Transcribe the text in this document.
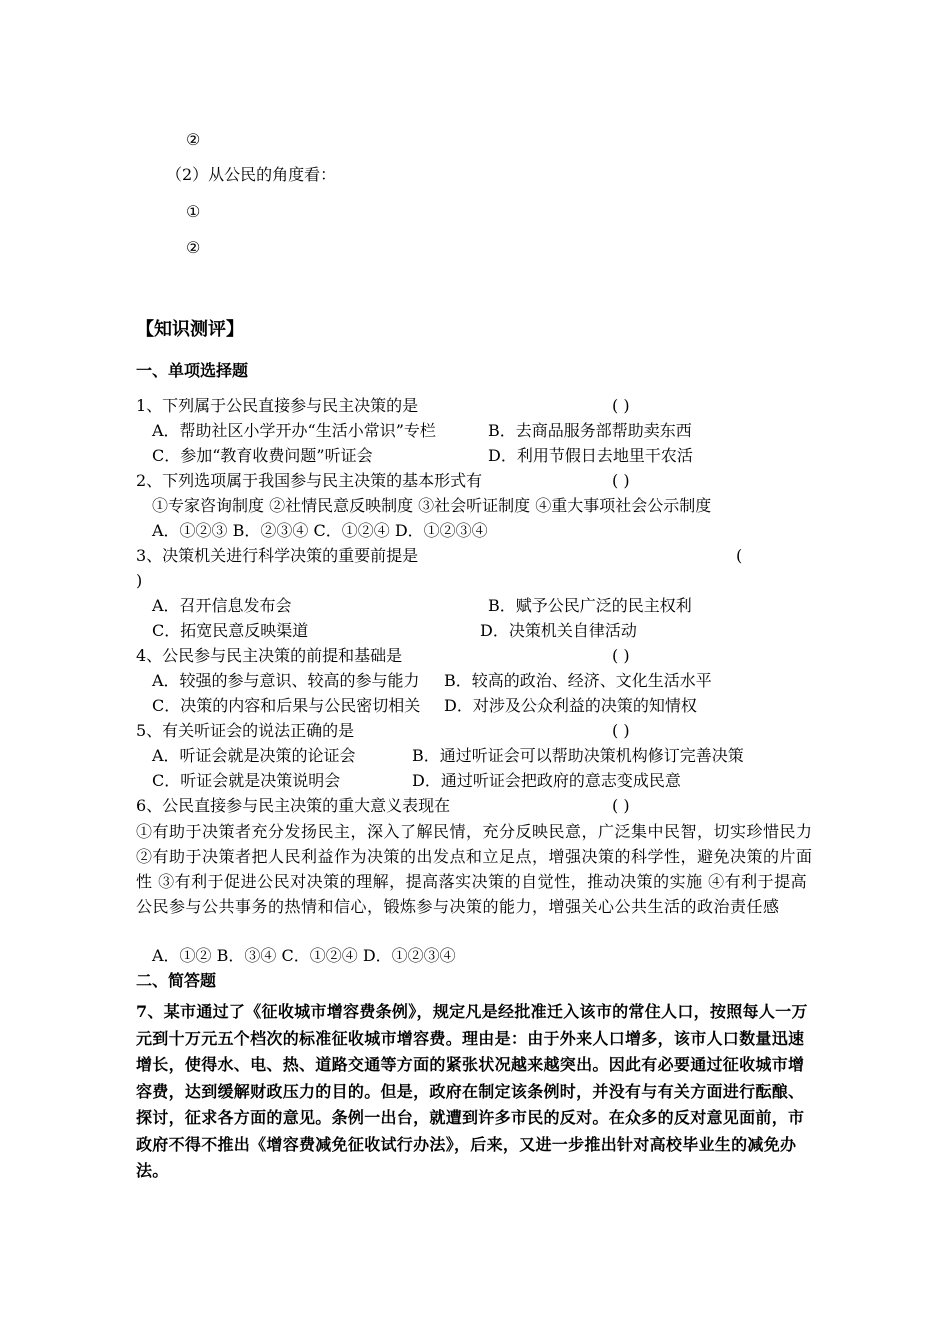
②
（2）从公民的角度看：
①
②
【知识测评】
一、单项选择题
1、下列属于公民直接参与民主决策的是	( )
A．帮助社区小学开办“生活小常识”专栏	B．去商品服务部帮助卖东西
C．参加“教育收费问题”听证会	D．利用节假日去地里干农活
2、下列选项属于我国参与民主决策的基本形式有	( )
①专家咨询制度 ②社情民意反映制度 ③社会听证制度 ④重大事项社会公示制度
A．①②③ B．②③④ C．①②④ D．①②③④
3、决策机关进行科学决策的重要前提是	(
)
A．召开信息发布会	B．赋予公民广泛的民主权利
C．拓宽民意反映渠道	D．决策机关自律活动
4、公民参与民主决策的前提和基础是	( )
A．较强的参与意识、较高的参与能力 B．较高的政治、经济、文化生活水平
C．决策的内容和后果与公民密切相关 D．对涉及公众利益的决策的知情权
5、有关听证会的说法正确的是	( )
A．听证会就是决策的论证会	B．通过听证会可以帮助决策机构修订完善决策
C．听证会就是决策说明会	D．通过听证会把政府的意志变成民意
6、公民直接参与民主决策的重大意义表现在	( )
①有助于决策者充分发扬民主，深入了解民情，充分反映民意，广泛集中民智，切实珍惜民力 ②有助于决策者把人民利益作为决策的出发点和立足点，增强决策的科学性，避免决策的片面性 ③有利于促进公民对决策的理解，提高落实决策的自觉性，推动决策的实施 ④有利于提高公民参与公共事务的热情和信心，锻炼参与决策的能力，增强关心公共生活的政治责任感
A．①② B．③④ C．①②④ D．①②③④
二、简答题
7、某市通过了《征收城市增容费条例》，规定凡是经批准迁入该市的常住人口，按照每人一万元到十万元五个档次的标准征收城市增容费。理由是：由于外来人口增多，该市人口数量迅速增长，使得水、电、热、道路交通等方面的紧张状况越来越突出。因此有必要通过征收城市增容费，达到缓解财政压力的目的。但是，政府在制定该条例时，并没有与有关方面进行酝酿、探讨，征求各方面的意见。条例一出台，就遭到许多市民的反对。在众多的反对意见面前，市政府不得不推出《增容费减免征收试行办法》，后来，又进一步推出针对高校毕业生的减免办法。
